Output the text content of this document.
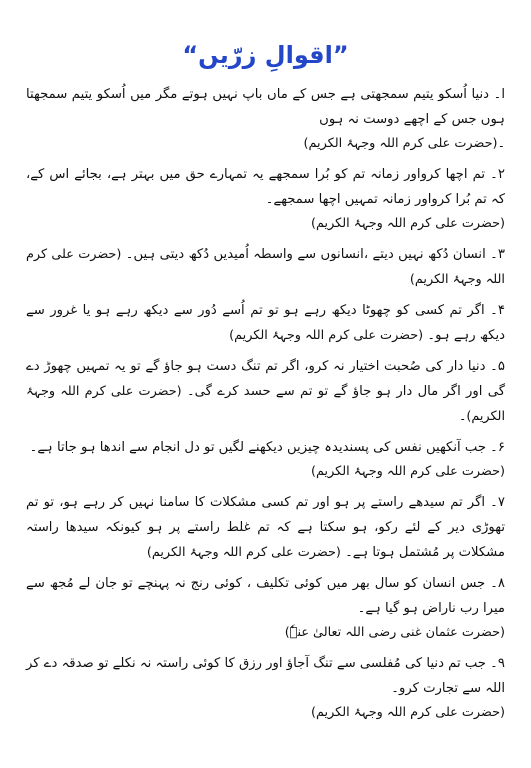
”اقوالِ زرّیں“
ا۔ دنیا اُسکو یتیم سمجھتی ہے جس کے ماں باپ نہیں ہوتے مگر میں اُسکو یتیم سمجھتا ہوں جس کے اچھے دوست نہ ہوں
۔(حضرت علی کرم اللہ وجہۂ الکریم)
۲۔ تم اچھا کرواور زمانہ تم کو بُرا سمجھے یہ تمہارے حق میں بہتر ہے، بجائے اس کے، کہ تم بُرا کرواور زمانہ تمہیں اچھا سمجھے۔
(حضرت علی کرم اللہ وجہۂ الکریم)
۳۔ انسان دُکھ نہیں دیتے ،انسانوں سے واسطہ اُمیدیں دُکھ دیتی ہیں۔ (حضرت علی کرم اللہ وجہۂ الکریم)
۴۔ اگر تم کسی کو چھوٹا دیکھ رہے ہو تو تم اُسے دُور سے دیکھ رہے ہو یا غرور سے دیکھ رہے ہو۔ (حضرت علی کرم اللہ وجہۂ الکریم)
۵۔ دنیا دار کی صُحبت اختیار نہ کرو، اگر تم تنگ دست ہو جاؤ گے تو یہ تمہیں چھوڑ دے گی اور اگر مال دار ہو جاؤ گے تو تم سے حسد کرے گی۔ (حضرت علی کرم اللہ وجہۂ الکریم)۔
۶۔ جب آنکھیں نفس کی پسندیدہ چیزیں دیکھنے لگیں تو دل انجام سے اندھا ہو جاتا ہے۔
(حضرت علی کرم اللہ وجہۂ الکریم)
۷۔ اگر تم سیدھے راستے پر ہو اور تم کسی مشکلات کا سامنا نہیں کر رہے ہو، تو تم تھوڑی دیر کے لئے رکو، ہو سکتا ہے کہ تم غلط راستے پر ہو کیونکہ سیدھا راستہ مشکلات پر مُشتمل ہوتا ہے۔ (حضرت علی کرم اللہ وجہۂ الکریم)
۸۔ جس انسان کو سال بھر میں کوئی تکلیف ، کوئی رنج نہ پہنچے تو جان لے مُجھ سے میرا رب ناراض ہو گیا ہے۔
(حضرت عثمان غنی رضی اللہ تعالیٰ عنہٗ)
۹۔ جب تم دنیا کی مُفلسی سے تنگ آجاؤ اور رزق کا کوئی راستہ نہ نکلے تو صدقہ دے کر اللہ سے تجارت کرو۔
(حضرت علی کرم اللہ وجہۂ الکریم)
